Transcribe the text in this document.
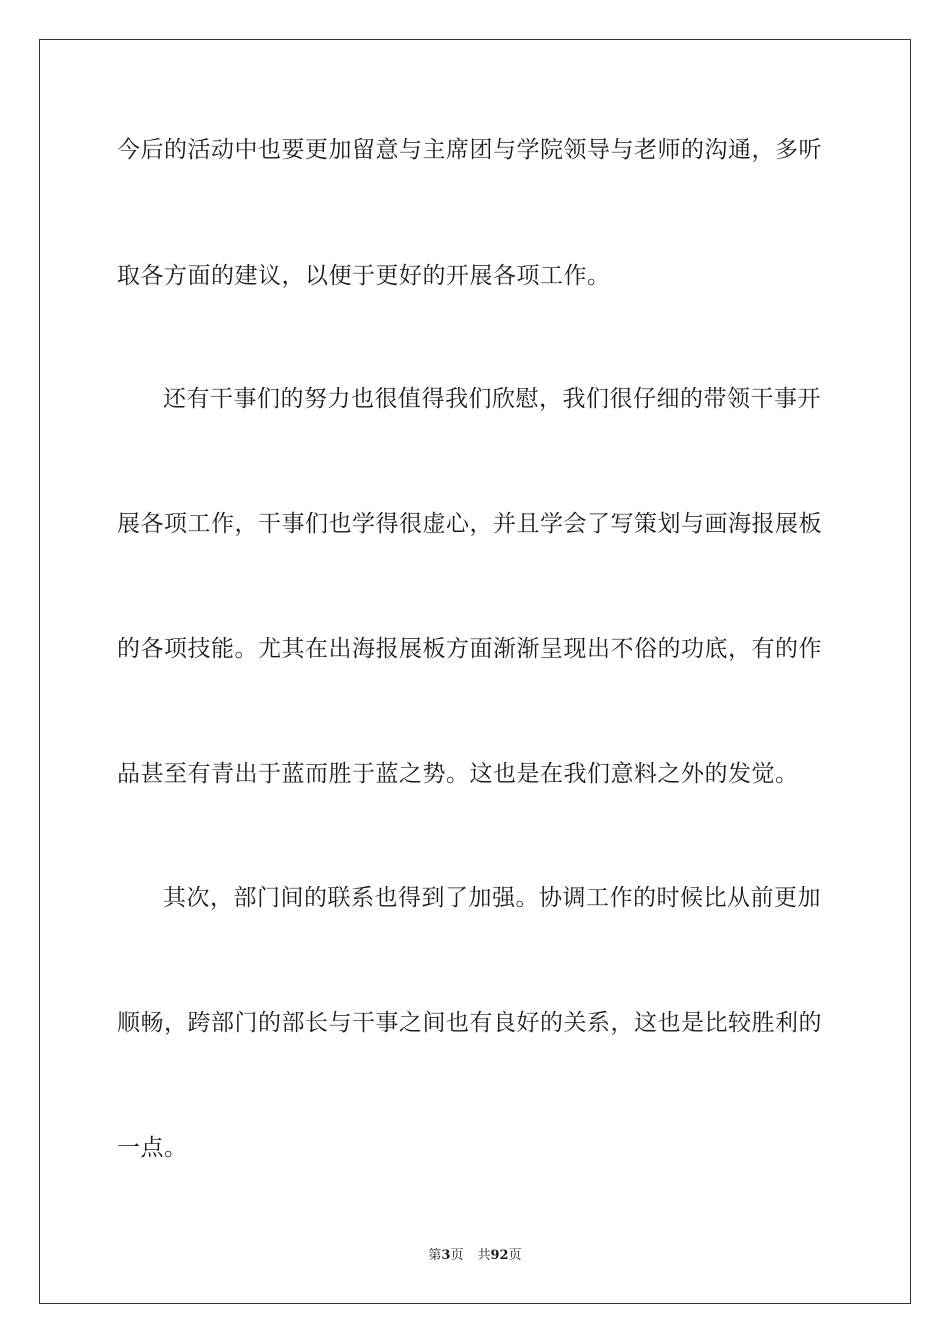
今后的活动中也要更加留意与主席团与学院领导与老师的沟通，多听
取各方面的建议，以便于更好的开展各项工作。
还有干事们的努力也很值得我们欣慰，我们很仔细的带领干事开
展各项工作，干事们也学得很虚心，并且学会了写策划与画海报展板
的各项技能。尤其在出海报展板方面渐渐呈现出不俗的功底，有的作
品甚至有青出于蓝而胜于蓝之势。这也是在我们意料之外的发觉。
其次，部门间的联系也得到了加强。协调工作的时候比从前更加
顺畅，跨部门的部长与干事之间也有良好的关系，这也是比较胜利的
一点。
第3页 共92页
